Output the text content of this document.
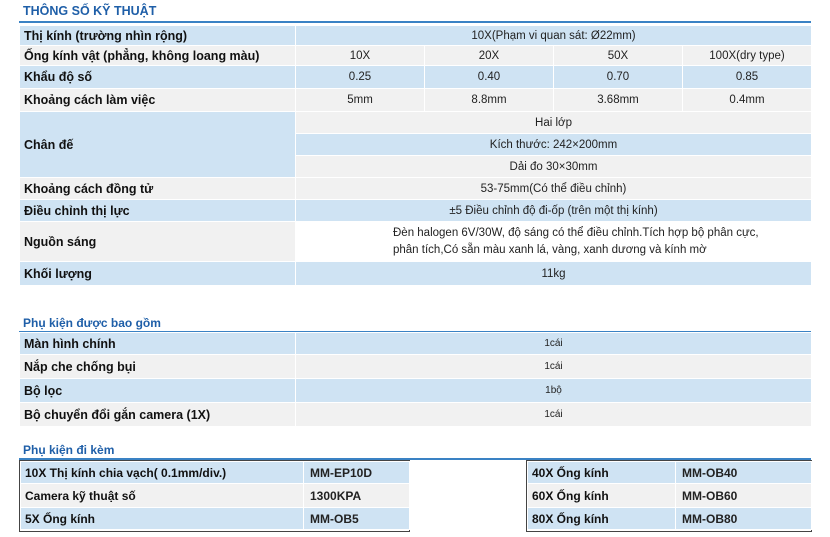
THÔNG SỐ KỸ THUẬT
Thị kính (trường nhìn rộng)	10X(Phạm vi quan sát: Ø22mm)			
Ống kính vật (phẳng, không loang màu)	10X	20X	50X	100X(dry type)
Khẩu độ số	0.25	0.40	0.70	0.85
Khoảng cách làm việc	5mm	8.8mm	3.68mm	0.4mm
Chân đế	Hai lớp			
	Kích thước: 242×200mm			
	Dải đo 30×30mm			
Khoảng cách đồng tử	53-75mm(Có thể điều chỉnh)			
Điều chỉnh thị lực	±5 Điều chỉnh độ đi-ốp (trên một thị kính)			
Nguồn sáng	Đèn halogen 6V/30W, độ sáng có thể điều chỉnh.Tích hợp bộ phân cực,
phân tích,Có sẵn màu xanh lá, vàng, xanh dương và kính mờ			

Khối lượng	11kg			
Phụ kiện được bao gồm
Màn hình chính	1cái
Nắp che chống bụi	1cái
Bộ lọc	1bộ
Bộ chuyển đổi gắn camera (1X)	1cái
Phụ kiện đi kèm
10X Thị kính chia vạch( 0.1mm/div.)	MM-EP10D
Camera kỹ thuật số	1300KPA
5X Ống kính	MM-OB5
40X Ống kính	MM-OB40
60X Ống kính	MM-OB60
80X Ống kính	MM-OB80
